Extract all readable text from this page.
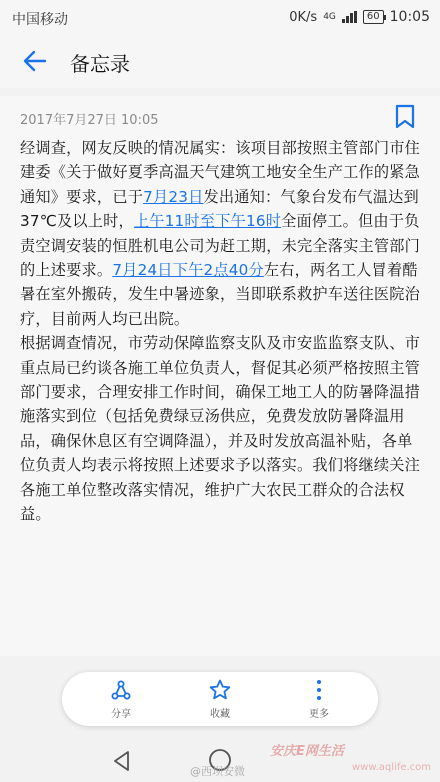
中国移动	0K/s 4G	60 10:05
备忘录
2017年7月27日 10:05

经调查，网友反映的情况属实：该项目部按照主管部门市住建委《关于做好夏季高温天气建筑工地安全生产工作的紧急通知》要求，已于7月23日发出通知：气象台发布气温达到37℃及以上时，上午11时至下午16时全面停工。但由于负责空调安装的恒胜机电公司为赶工期，未完全落实主管部门的上述要求。7月24日下午2点40分左右，两名工人冒着酷暑在室外搬砖，发生中暑迹象，当即联系救护车送往医院治疗，目前两人均已出院。

根据调查情况，市劳动保障监察支队及市安监监察支队、市重点局已约谈各施工单位负责人，督促其必须严格按照主管部门要求，合理安排工作时间，确保工地工人的防暑降温措施落实到位（包括免费绿豆汤供应，免费发放防暑降温用品，确保休息区有空调降温），并及时发放高温补贴，各单位负责人均表示将按照上述要求予以落实。我们将继续关注各施工单位整改落实情况，维护广大农民工群众的合法权益。

分享	收藏	更多
@西坝安微
安庆E网生活
www.aqlife.com
